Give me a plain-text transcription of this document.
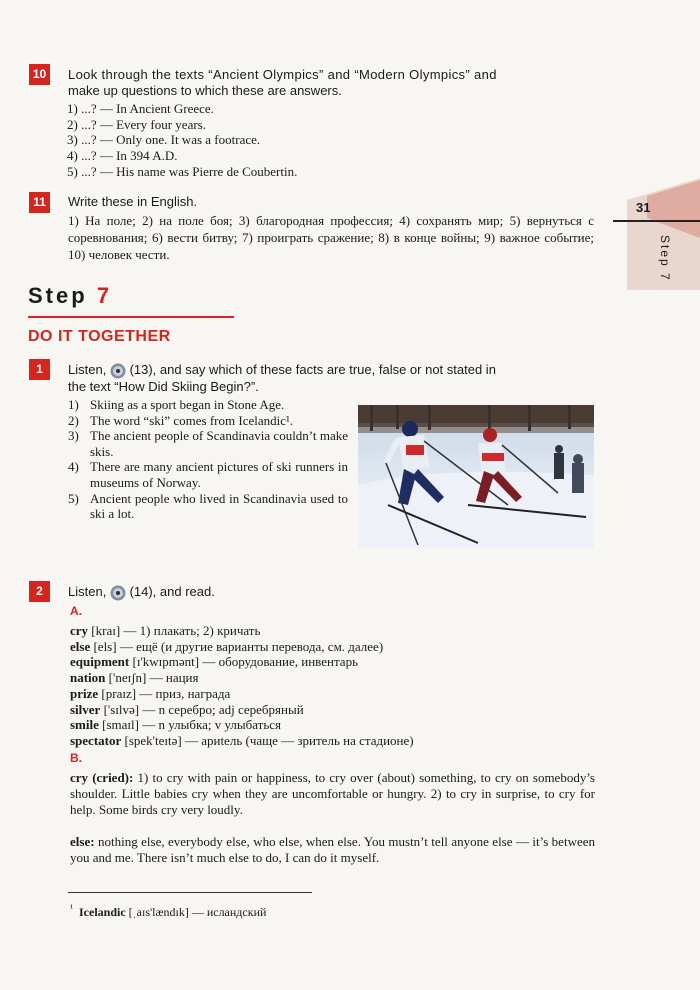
31
Step 7
10 Look through the texts “Ancient Olympics” and “Modern Olympics” and
make up questions to which these are answers.
1) ...? — In Ancient Greece.
2) ...? — Every four years.
3) ...? — Only one. It was a footrace.
4) ...? — In 394 A.D.
5) ...? — His name was Pierre de Coubertin.
11	Write these in English.
1) На поле; 2) на поле боя; 3) благородная профессия; 4) сохранять мир; 5) вернуться с соревнования; 6) вести битву; 7) проиграть сражение; 8) в конце войны; 9) важное событие; 10) человек чести.
Step 7
DO IT TOGETHER
1	Listen, (13), and say which of these facts are true, false or not stated in
the text “How Did Skiing Begin?”.
1) Skiing as a sport began in Stone Age.
2) The word “ski” comes from Icelandic¹.
3) The ancient people of Scandinavia couldn’t make skis.
4) There are many ancient pictures of ski runners in museums of Norway.
5) Ancient people who lived in Scandinavia used to ski a lot.
2	Listen, (14), and read.
A.
cry [kraɪ] — 1) плакать; 2) кричать
else [els] — ещё (и другие варианты перевода, см. далее)
equipment [ɪ'kwɪpmənt] — оборудование, инвентарь
nation ['neɪʃn] — нация
prize [praɪz] — приз, награда
silver ['sɪlvə] — n серебро; adj серебряный
smile [smaɪl] — n улыбка; v улыбаться
spectator [spek'teɪtə] — ариtель (чаще — зритель на стадионе)
B.
cry (cried): 1) to cry with pain or happiness, to cry over (about) something, to cry on somebody’s shoulder. Little babies cry when they are uncomfortable or hungry. 2) to cry in surprise, to cry for help. Some birds cry very loudly.
else: nothing else, everybody else, who else, when else. You mustn’t tell anyone else — it’s between you and me. There isn’t much else to do, I can do it myself.
$^{^1}$ Icelandic [ˌaɪs'lændɪk] — исландский
